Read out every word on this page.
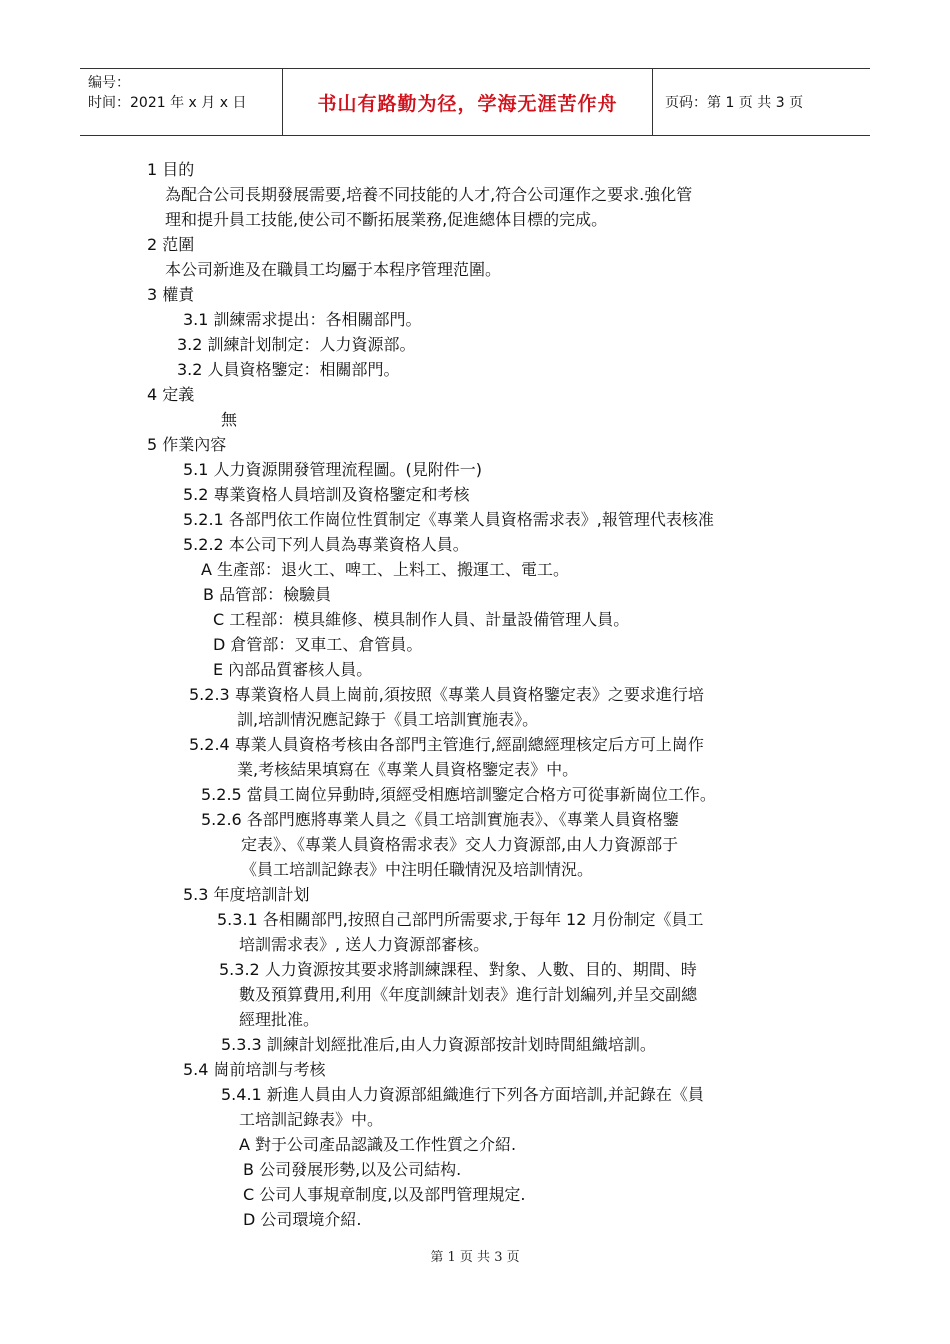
编号：
时间：2021 年 x 月 x 日	书山有路勤为径，学海无涯苦作舟	页码：第 1 页 共 3 页
1 目的
為配合公司長期發展需要,培養不同技能的人才,符合公司運作之要求.強化管
理和提升員工技能,使公司不斷拓展業務,促進總体目標的完成。
2 范圍
本公司新進及在職員工均屬于本程序管理范圍。
3 權責
3.1 訓練需求提出：各相關部門。
3.2 訓練計划制定：人力資源部。
3.2 人員資格鑒定：相關部門。
4 定義
無
5 作業內容
5.1 人力資源開發管理流程圖。(見附件一)
5.2 專業資格人員培訓及資格鑒定和考核
5.2.1 各部門依工作崗位性質制定《專業人員資格需求表》,報管理代表核准
5.2.2 本公司下列人員為專業資格人員。
A 生產部：退火工、啤工、上料工、搬運工、電工。
B 品管部：檢驗員
C 工程部：模具維修、模具制作人員、計量設備管理人員。
D 倉管部：叉車工、倉管員。
E 內部品質審核人員。
5.2.3 專業資格人員上崗前,須按照《專業人員資格鑒定表》之要求進行培
訓,培訓情況應記錄于《員工培訓實施表》。
5.2.4 專業人員資格考核由各部門主管進行,經副總經理核定后方可上崗作
業,考核結果填寫在《專業人員資格鑒定表》中。
5.2.5 當員工崗位异動時,須經受相應培訓鑒定合格方可從事新崗位工作。
5.2.6 各部門應將專業人員之《員工培訓實施表》、《專業人員資格鑒
定表》、《專業人員資格需求表》交人力資源部,由人力資源部于
《員工培訓記錄表》中注明任職情況及培訓情況。
5.3 年度培訓計划
5.3.1 各相關部門,按照自己部門所需要求,于每年 12 月份制定《員工
培訓需求表》, 送人力資源部審核。
5.3.2 人力資源按其要求將訓練課程、對象、人數、目的、期間、時
數及預算費用,利用《年度訓練計划表》進行計划編列,并呈交副總
經理批准。
5.3.3 訓練計划經批准后,由人力資源部按計划時間組織培訓。
5.4 崗前培訓与考核
5.4.1 新進人員由人力資源部組織進行下列各方面培訓,并記錄在《員
工培訓記錄表》中。
A 對于公司產品認識及工作性質之介紹.
B 公司發展形勢,以及公司結构.
C 公司人事規章制度,以及部門管理規定.
D 公司環境介紹.
第 1 页 共 3 页
